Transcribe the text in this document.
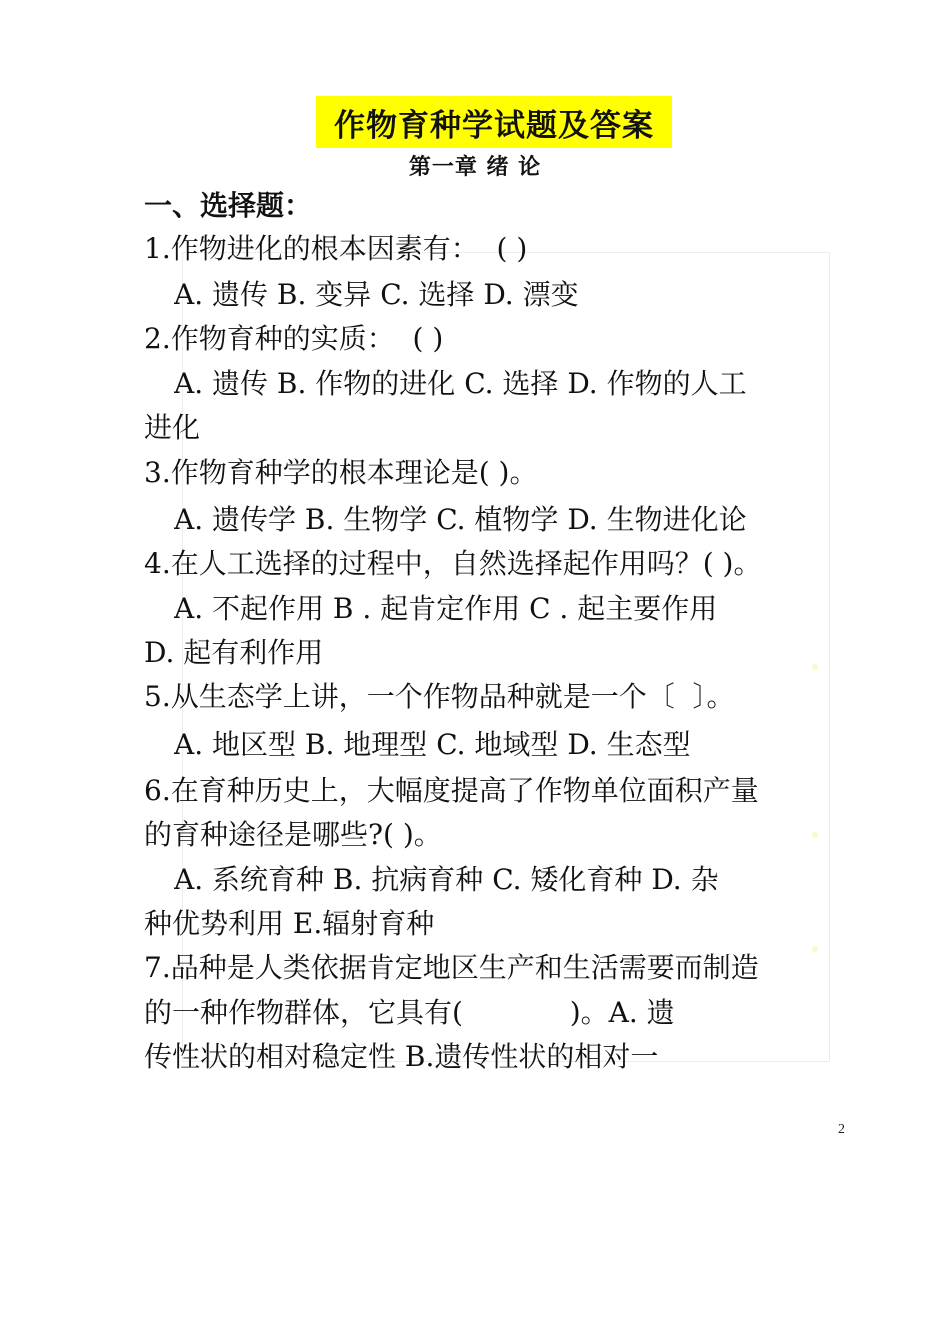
作物育种学试题及答案
第一章 绪 论
一、选择题：
1.作物进化的根本因素有：  ( )
A. 遗传 B. 变异 C. 选择 D. 漂变
2.作物育种的实质：  ( )
A. 遗传 B. 作物的进化 C. 选择 D. 作物的人工
进化
3.作物育种学的根本理论是( )。
A. 遗传学 B. 生物学 C. 植物学 D. 生物进化论
4.在人工选择的过程中，自然选择起作用吗？( )。
A. 不起作用 B . 起肯定作用 C . 起主要作用
D. 起有利作用
5.从生态学上讲，一个作物品种就是一个〔  〕。
A. 地区型 B. 地理型 C. 地域型 D. 生态型
6.在育种历史上，大幅度提高了作物单位面积产量
的育种途径是哪些?( )。
A. 系统育种 B. 抗病育种 C. 矮化育种 D. 杂
种优势利用 E.辐射育种
7.品种是人类依据肯定地区生产和生活需要而制造
的一种作物群体，它具有(            )。A. 遗
传性状的相对稳定性 B.遗传性状的相对一
2
